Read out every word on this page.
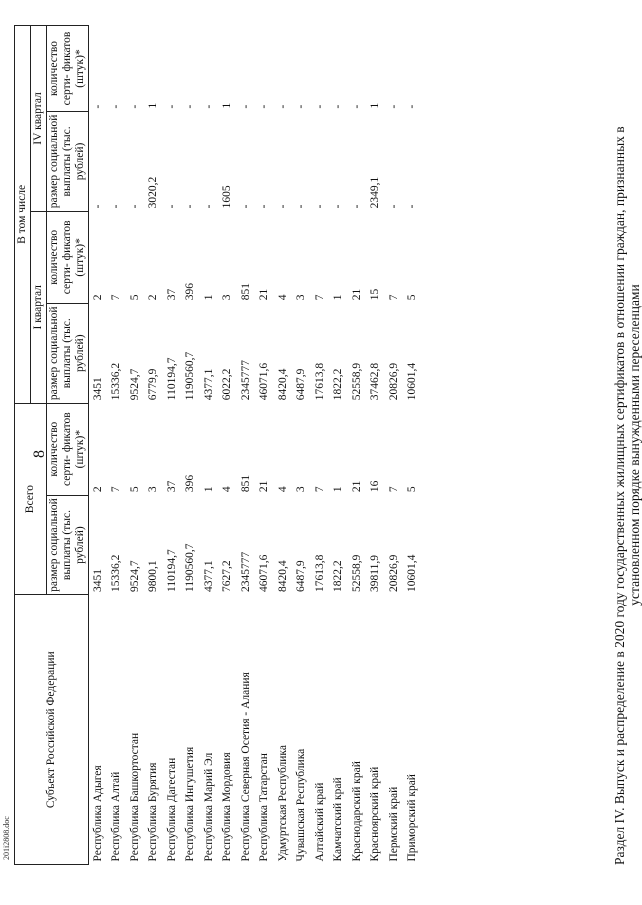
Раздел IV. Выпуск и распределение в 2020 году государственных жилищных сертификатов в отношении граждан, признанных в установленном порядке вынужденными переселенцами
Субъект Российской Федерации	Всего		В том числе			
			I квартал		IV квартал	
	размер социальной выплаты (тыс. рублей)	количество серти- фикатов (штук)*	размер социальной выплаты (тыс. рублей)	количество серти- фикатов (штук)*	размер социальной выплаты (тыс. рублей)	количество серти- фикатов (штук)*

Республика Адыгея	3451	2	3451	2	-	-
Республика Алтай	15336,2	7	15336,2	7	-	-
Республика Башкортостан	9524,7	5	9524,7	5	-	-
Республика Бурятия	9800,1	3	6779,9	2	3020,2	1
Республика Дагестан	110194,7	37	110194,7	37	-	-
Республика Ингушетия	1190560,7	396	1190560,7	396	-	-
Республика Марий Эл	4377,1	1	4377,1	1	-	-
Республика Мордовия	7627,2	4	6022,2	3	1605	1
Республика Северная Осетия - Алания	2345777	851	2345777	851	-	-
Республика Татарстан	46071,6	21	46071,6	21	-	-
Удмуртская Республика	8420,4	4	8420,4	4	-	-
Чувашская Республика	6487,9	3	6487,9	3	-	-
Алтайский край	17613,8	7	17613,8	7	-	-
Камчатский край	1822,2	1	1822,2	1	-	-
Краснодарский край	52558,9	21	52558,9	21	-	-
Красноярский край	39811,9	16	37462,8	15	2349,1	1
Пермский край	20826,9	7	20826,9	7	-	-
Приморский край	10601,4	5	10601,4	5	-	-
8
201i2808.doc
